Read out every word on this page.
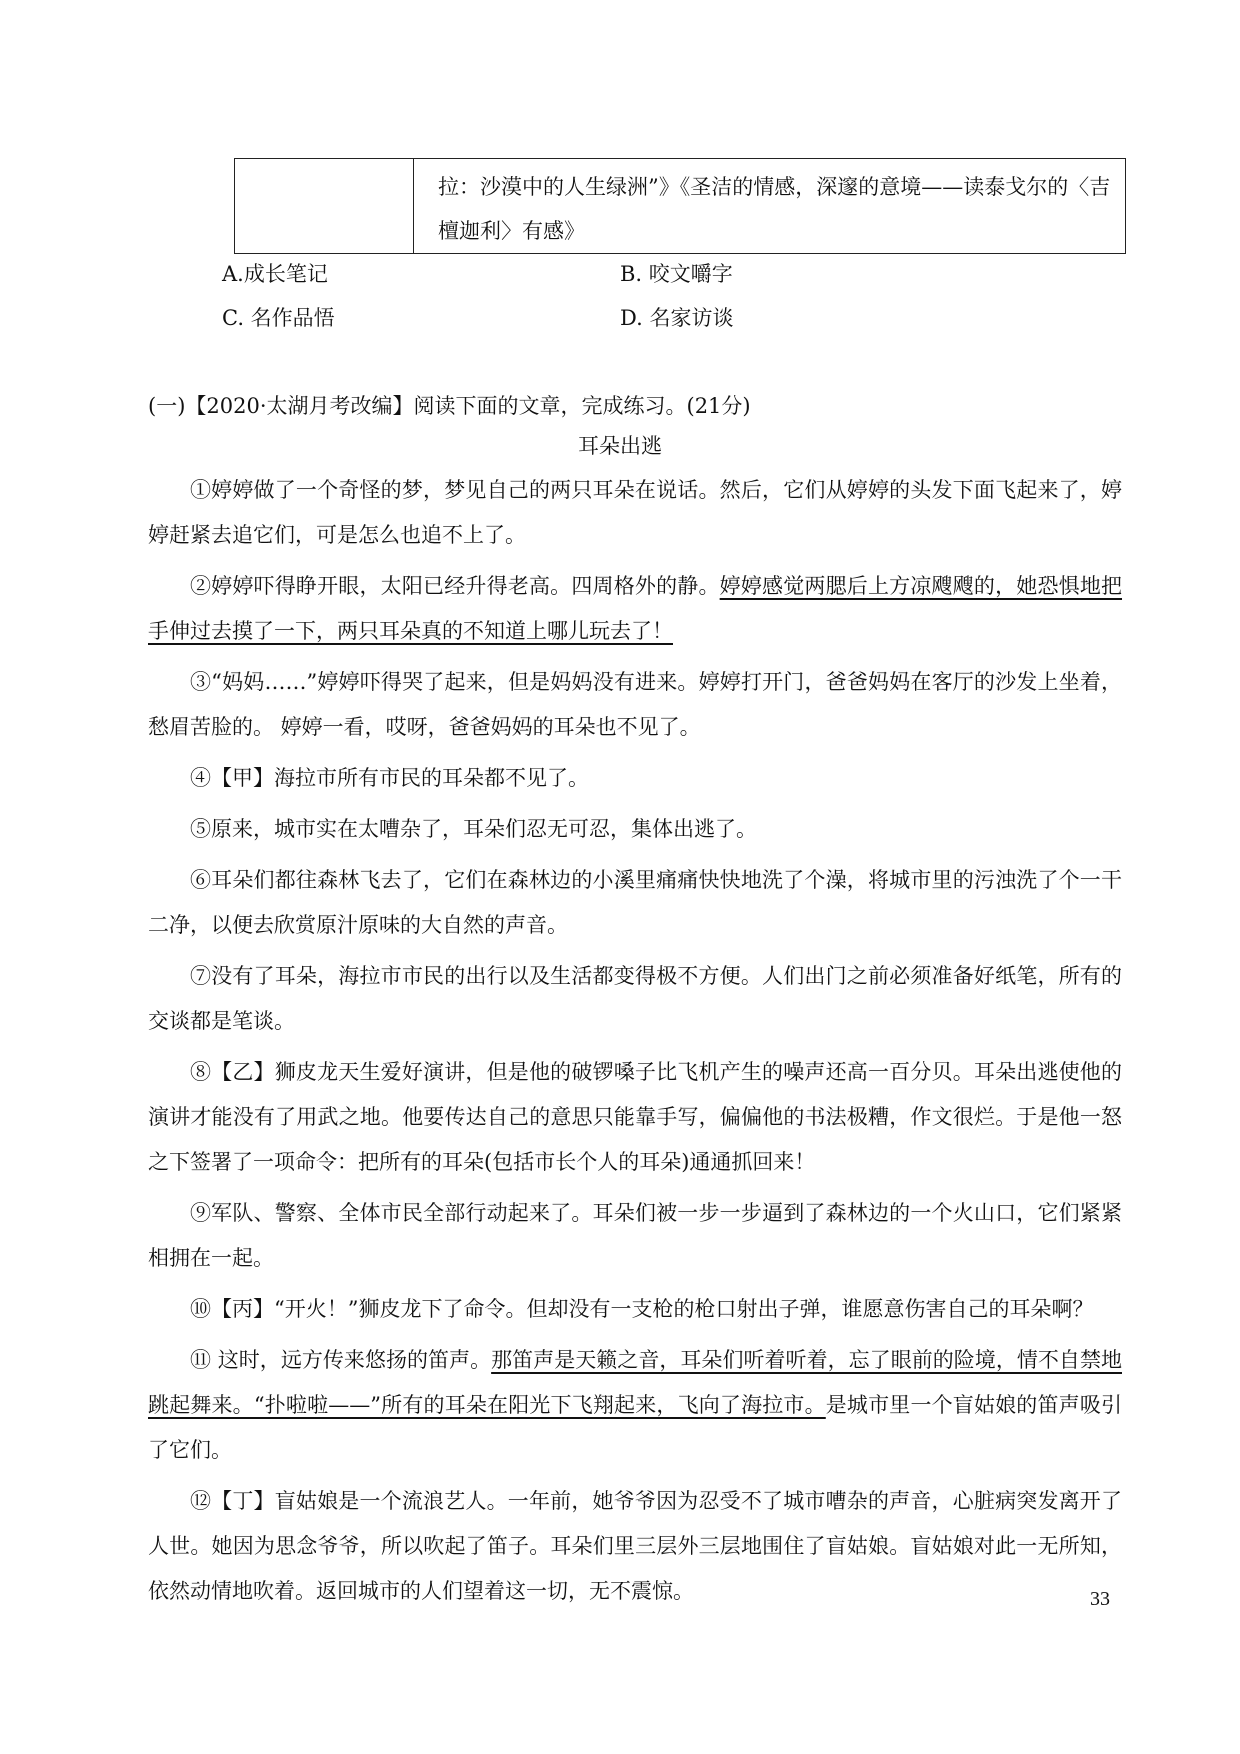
拉：沙漠中的人生绿洲”》《圣洁的情感，深邃的意境——读泰戈尔的〈吉檀迦利〉有感》
A.成长笔记	B. 咬文嚼字
C. 名作品悟	D. 名家访谈
(一)【2020·太湖月考改编】阅读下面的文章，完成练习。(21分)
耳朵出逃

①婷婷做了一个奇怪的梦，梦见自己的两只耳朵在说话。然后，它们从婷婷的头发下面飞起来了，婷婷赶紧去追它们，可是怎么也追不上了。

②婷婷吓得睁开眼，太阳已经升得老高。四周格外的静。婷婷感觉两腮后上方凉飕飕的，她恐惧地把手伸过去摸了一下，两只耳朵真的不知道上哪儿玩去了！

③“妈妈……”婷婷吓得哭了起来，但是妈妈没有进来。婷婷打开门，爸爸妈妈在客厅的沙发上坐着，愁眉苦脸的。 婷婷一看，哎呀，爸爸妈妈的耳朵也不见了。

④【甲】海拉市所有市民的耳朵都不见了。

⑤原来，城市实在太嘈杂了，耳朵们忍无可忍，集体出逃了。

⑥耳朵们都往森林飞去了，它们在森林边的小溪里痛痛快快地洗了个澡，将城市里的污浊洗了个一干二净，以便去欣赏原汁原味的大自然的声音。

⑦没有了耳朵，海拉市市民的出行以及生活都变得极不方便。人们出门之前必须准备好纸笔，所有的交谈都是笔谈。

⑧【乙】狮皮龙天生爱好演讲，但是他的破锣嗓子比飞机产生的噪声还高一百分贝。耳朵出逃使他的演讲才能没有了用武之地。他要传达自己的意思只能靠手写，偏偏他的书法极糟，作文很烂。于是他一怒之下签署了一项命令：把所有的耳朵(包括市长个人的耳朵)通通抓回来！

⑨军队、警察、全体市民全部行动起来了。耳朵们被一步一步逼到了森林边的一个火山口，它们紧紧相拥在一起。

⑩【丙】“开火！”狮皮龙下了命令。但却没有一支枪的枪口射出子弹，谁愿意伤害自己的耳朵啊？

⑪ 这时，远方传来悠扬的笛声。那笛声是天籁之音，耳朵们听着听着，忘了眼前的险境，情不自禁地跳起舞来。“扑啦啦——”所有的耳朵在阳光下飞翔起来，飞向了海拉市。是城市里一个盲姑娘的笛声吸引了它们。

⑫【丁】盲姑娘是一个流浪艺人。一年前，她爷爷因为忍受不了城市嘈杂的声音，心脏病突发离开了人世。她因为思念爷爷，所以吹起了笛子。耳朵们里三层外三层地围住了盲姑娘。盲姑娘对此一无所知，依然动情地吹着。返回城市的人们望着这一切，无不震惊。	33
